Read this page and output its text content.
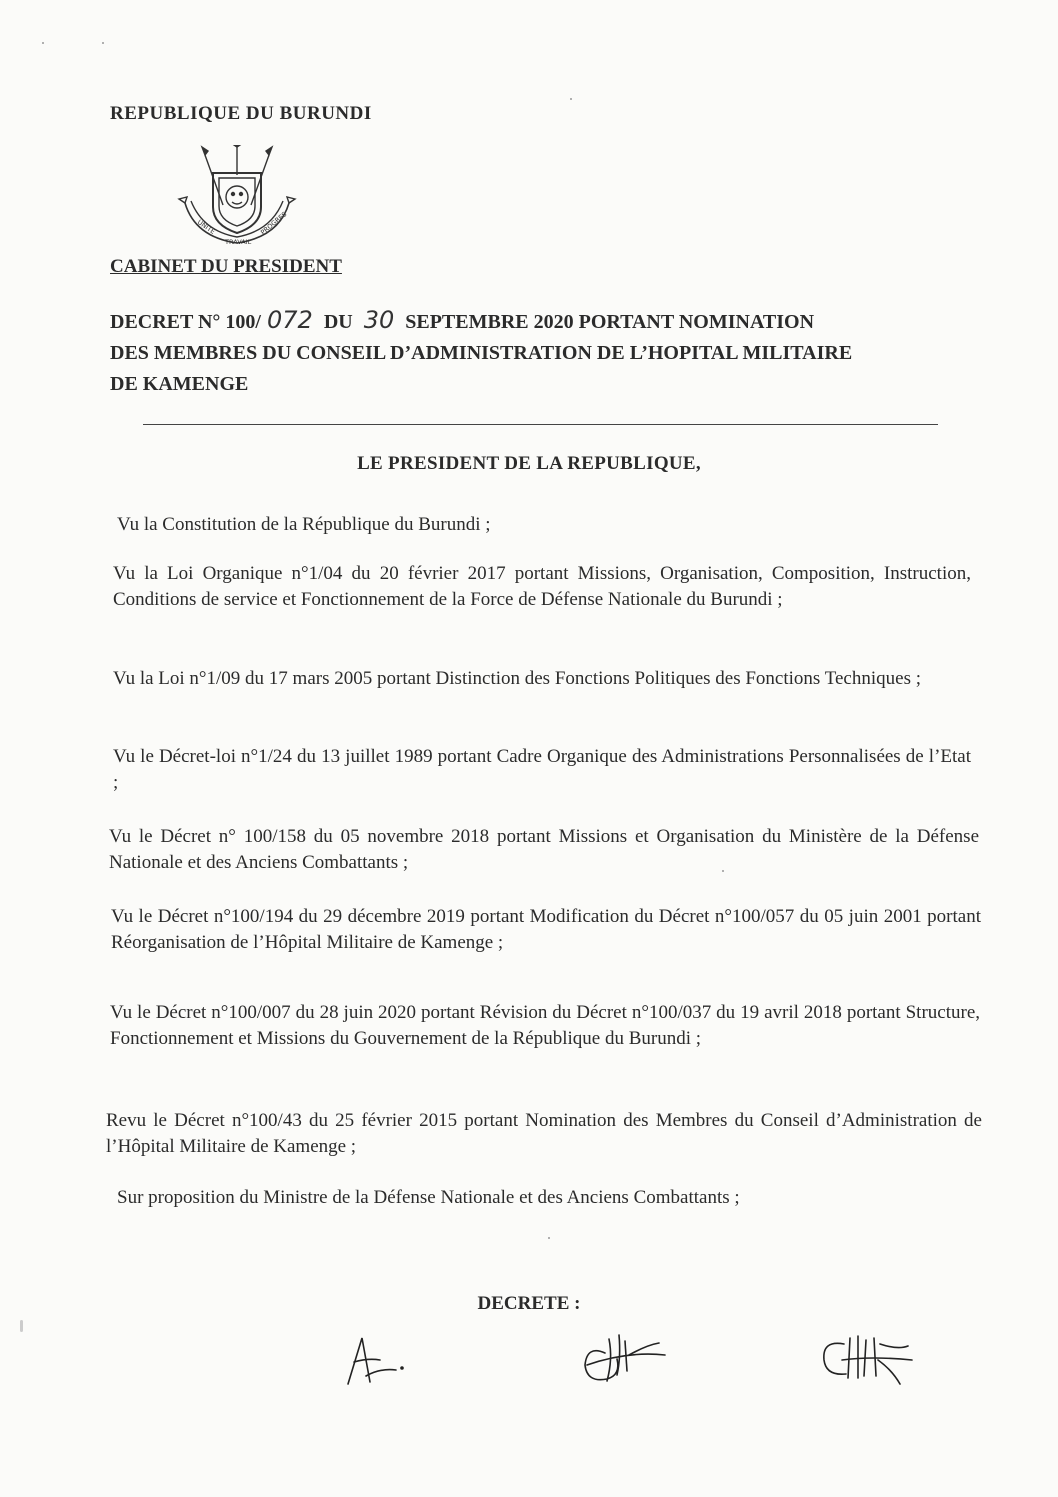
REPUBLIQUE DU BURUNDI
UNITE
TRAVAIL
PROGRES
CABINET DU PRESIDENT
DECRET N° 100/ 072 DU 30 SEPTEMBRE 2020 PORTANT NOMINATION
DES MEMBRES DU CONSEIL D’ADMINISTRATION DE L’HOPITAL MILITAIRE
DE KAMENGE
LE PRESIDENT DE LA REPUBLIQUE,
Vu la Constitution de la République du Burundi ;
Vu la Loi Organique n°1/04 du 20 février 2017 portant Missions, Organisation, Composition, Instruction, Conditions de service et Fonctionnement de la Force de Défense Nationale du Burundi ;
Vu la Loi n°1/09 du 17 mars 2005 portant Distinction des Fonctions Politiques des Fonctions Techniques ;
Vu le Décret-loi n°1/24 du 13 juillet 1989 portant Cadre Organique des Administrations Personnalisées de l’Etat ;
Vu le Décret n° 100/158 du 05 novembre 2018 portant Missions et Organisation du Ministère de la Défense Nationale et des Anciens Combattants ;
Vu le Décret n°100/194 du 29 décembre 2019 portant Modification du Décret n°100/057 du 05 juin 2001 portant Réorganisation de l’Hôpital Militaire de Kamenge ;
Vu le Décret n°100/007 du 28 juin 2020 portant Révision du Décret n°100/037 du 19 avril 2018 portant Structure, Fonctionnement et Missions du Gouvernement de la République du Burundi ;
Revu le Décret n°100/43 du 25 février 2015 portant Nomination des Membres du Conseil d’Administration de l’Hôpital Militaire de Kamenge ;
Sur proposition du Ministre de la Défense Nationale et des Anciens Combattants ;
DECRETE :
